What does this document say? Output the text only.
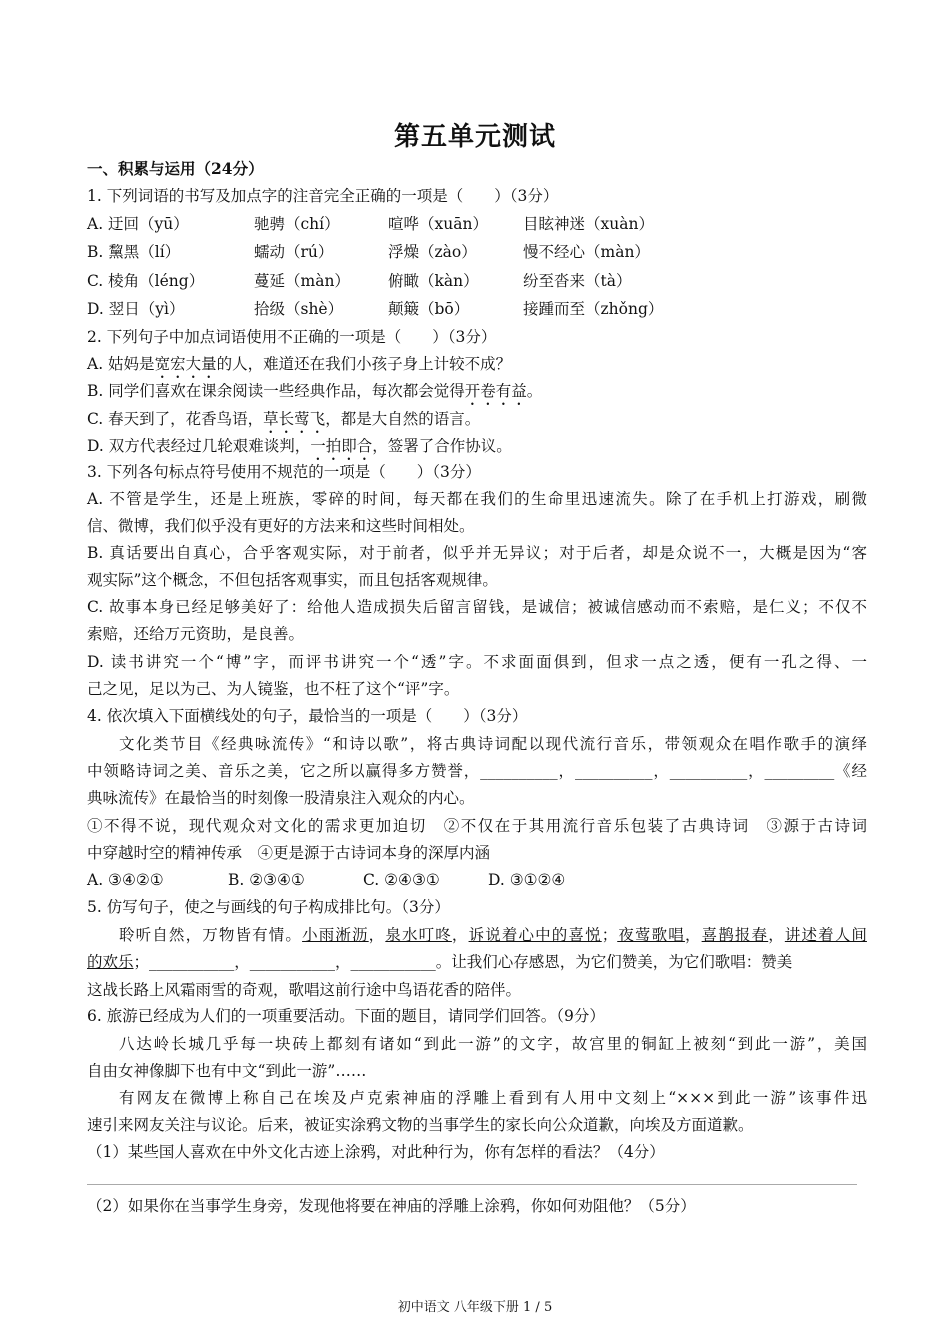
第五单元测试
一、积累与运用（24分）
1. 下列词语的书写及加点字的注音完全正确的一项是（　　）（3分）
A. 迂回（yū）	驰骋（chí）	喧哗（xuān） 目眩神迷（xuàn）
B. 黧黑（lí）	蠕动（rú）	浮燥（zào）	慢不经心（màn）
C. 棱角（léng）	蔓延（màn） 俯瞰（kàn）	纷至沓来（tà）
D. 翌日（yì）	拾级（shè）	颠簸（bō）	接踵而至（zhǒng）
2. 下列句子中加点词语使用不正确的一项是（　　）（3分）
A. 姑妈是宽宏大量的人，难道还在我们小孩子身上计较不成？
B. 同学们喜欢在课余阅读一些经典作品，每次都会觉得开卷有益。
C. 春天到了，花香鸟语，草长莺飞，都是大自然的语言。
D. 双方代表经过几轮艰难谈判，一拍即合，签署了合作协议。
3. 下列各句标点符号使用不规范的一项是（　　）（3分）
A. 不管是学生，还是上班族，零碎的时间，每天都在我们的生命里迅速流失。除了在手机上打游戏，刷微
信、微博，我们似乎没有更好的方法来和这些时间相处。
B. 真话要出自真心，合乎客观实际，对于前者，似乎并无异议；对于后者，却是众说不一，大概是因为“客
观实际”这个概念，不但包括客观事实，而且包括客观规律。
C. 故事本身已经足够美好了：给他人造成损失后留言留钱，是诚信；被诚信感动而不索赔，是仁义；不仅不
索赔，还给万元资助，是良善。
D. 读书讲究一个“博”字，而评书讲究一个“透”字。不求面面俱到，但求一点之透，便有一孔之得、一
己之见，足以为己、为人镜鉴，也不枉了这个“评”字。
4. 依次填入下面横线处的句子，最恰当的一项是（　　）（3分）
文化类节目《经典咏流传》“和诗以歌”，将古典诗词配以现代流行音乐，带领观众在唱作歌手的演绎
中领略诗词之美、音乐之美，它之所以赢得多方赞誉，__________，__________，__________，_________《经
典咏流传》在最恰当的时刻像一股清泉注入观众的内心。
①不得不说，现代观众对文化的需求更加迫切　②不仅在于其用流行音乐包装了古典诗词　③源于古诗词
中穿越时空的精神传承　④更是源于古诗词本身的深厚内涵
A. ③④②①	B. ②③④①	C. ②④③①	D. ③①②④
5. 仿写句子，使之与画线的句子构成排比句。（3分）
聆听自然，万物皆有情。小雨淅沥，泉水叮咚，诉说着心中的喜悦；夜莺歌唱，喜鹊报春，讲述着人间
的欢乐；___________，___________，___________。让我们心存感恩，为它们赞美，为它们歌唱：赞美
这战长路上风霜雨雪的奇观，歌唱这前行途中鸟语花香的陪伴。
6. 旅游已经成为人们的一项重要活动。下面的题目，请同学们回答。（9分）
八达岭长城几乎每一块砖上都刻有诸如“到此一游”的文字，故宫里的铜缸上被刻“到此一游”，美国
自由女神像脚下也有中文“到此一游”……
有网友在微博上称自己在埃及卢克索神庙的浮雕上看到有人用中文刻上“×××到此一游”该事件迅
速引来网友关注与议论。后来，被证实涂鸦文物的当事学生的家长向公众道歉，向埃及方面道歉。
（1）某些国人喜欢在中外文化古迹上涂鸦，对此种行为，你有怎样的看法？（4分）
（2）如果你在当事学生身旁，发现他将要在神庙的浮雕上涂鸦，你如何劝阻他？（5分）
初中语文 八年级下册 1 / 5
